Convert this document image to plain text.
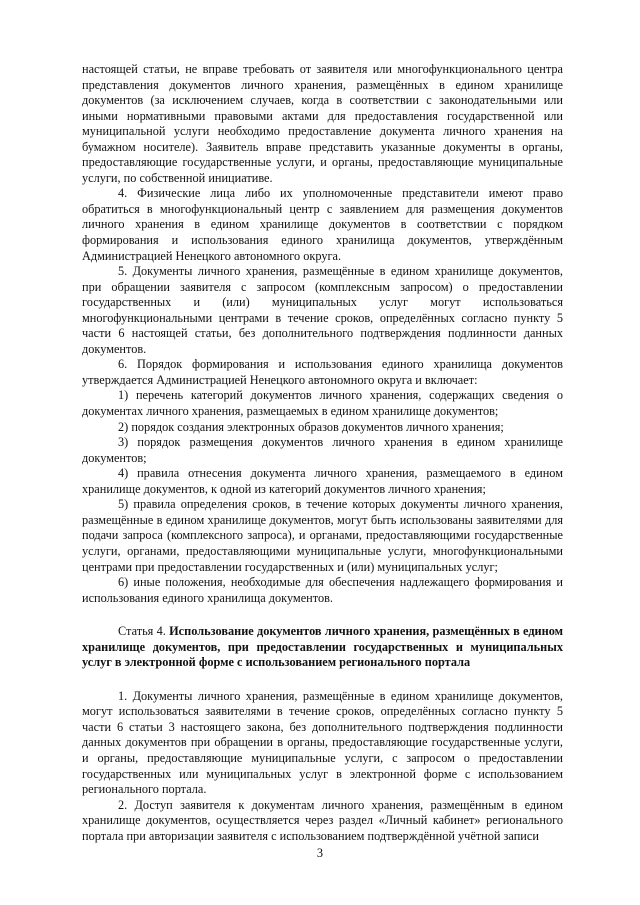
настоящей статьи, не вправе требовать от заявителя или многофункционального центра представления документов личного хранения, размещённых в едином хранилище документов (за исключением случаев, когда в соответствии с законодательными или иными нормативными правовыми актами для предоставления государственной или муниципальной услуги необходимо предоставление документа личного хранения на бумажном носителе). Заявитель вправе представить указанные документы в органы, предоставляющие государственные услуги, и органы, предоставляющие муниципальные услуги, по собственной инициативе.

4. Физические лица либо их уполномоченные представители имеют право обратиться в многофункциональный центр с заявлением для размещения документов личного хранения в едином хранилище документов в соответствии с порядком формирования и использования единого хранилища документов, утверждённым Администрацией Ненецкого автономного округа.

5. Документы личного хранения, размещённые в едином хранилище документов, при обращении заявителя с запросом (комплексным запросом) о предоставлении государственных и (или) муниципальных услуг могут использоваться многофункциональными центрами в течение сроков, определённых согласно пункту 5 части 6 настоящей статьи, без дополнительного подтверждения подлинности данных документов.

6. Порядок формирования и использования единого хранилища документов утверждается Администрацией Ненецкого автономного округа и включает:

1) перечень категорий документов личного хранения, содержащих сведения о документах личного хранения, размещаемых в едином хранилище документов;

2) порядок создания электронных образов документов личного хранения;

3) порядок размещения документов личного хранения в едином хранилище документов;

4) правила отнесения документа личного хранения, размещаемого в едином хранилище документов, к одной из категорий документов личного хранения;

5) правила определения сроков, в течение которых документы личного хранения, размещённые в едином хранилище документов, могут быть использованы заявителями для подачи запроса (комплексного запроса), и органами, предоставляющими государственные услуги, органами, предоставляющими муниципальные услуги, многофункциональными центрами при предоставлении государственных и (или) муниципальных услуг;

6) иные положения, необходимые для обеспечения надлежащего формирования и использования единого хранилища документов.

Статья 4. Использование документов личного хранения, размещённых в едином хранилище документов, при предоставлении государственных и муниципальных услуг в электронной форме с использованием регионального портала

1. Документы личного хранения, размещённые в едином хранилище документов, могут использоваться заявителями в течение сроков, определённых согласно пункту 5 части 6 статьи 3 настоящего закона, без дополнительного подтверждения подлинности данных документов при обращении в органы, предоставляющие государственные услуги, и органы, предоставляющие муниципальные услуги, с запросом о предоставлении государственных или муниципальных услуг в электронной форме с использованием регионального портала.

2. Доступ заявителя к документам личного хранения, размещённым в едином хранилище документов, осуществляется через раздел «Личный кабинет» регионального портала при авторизации заявителя с использованием подтверждённой учётной записи

3
